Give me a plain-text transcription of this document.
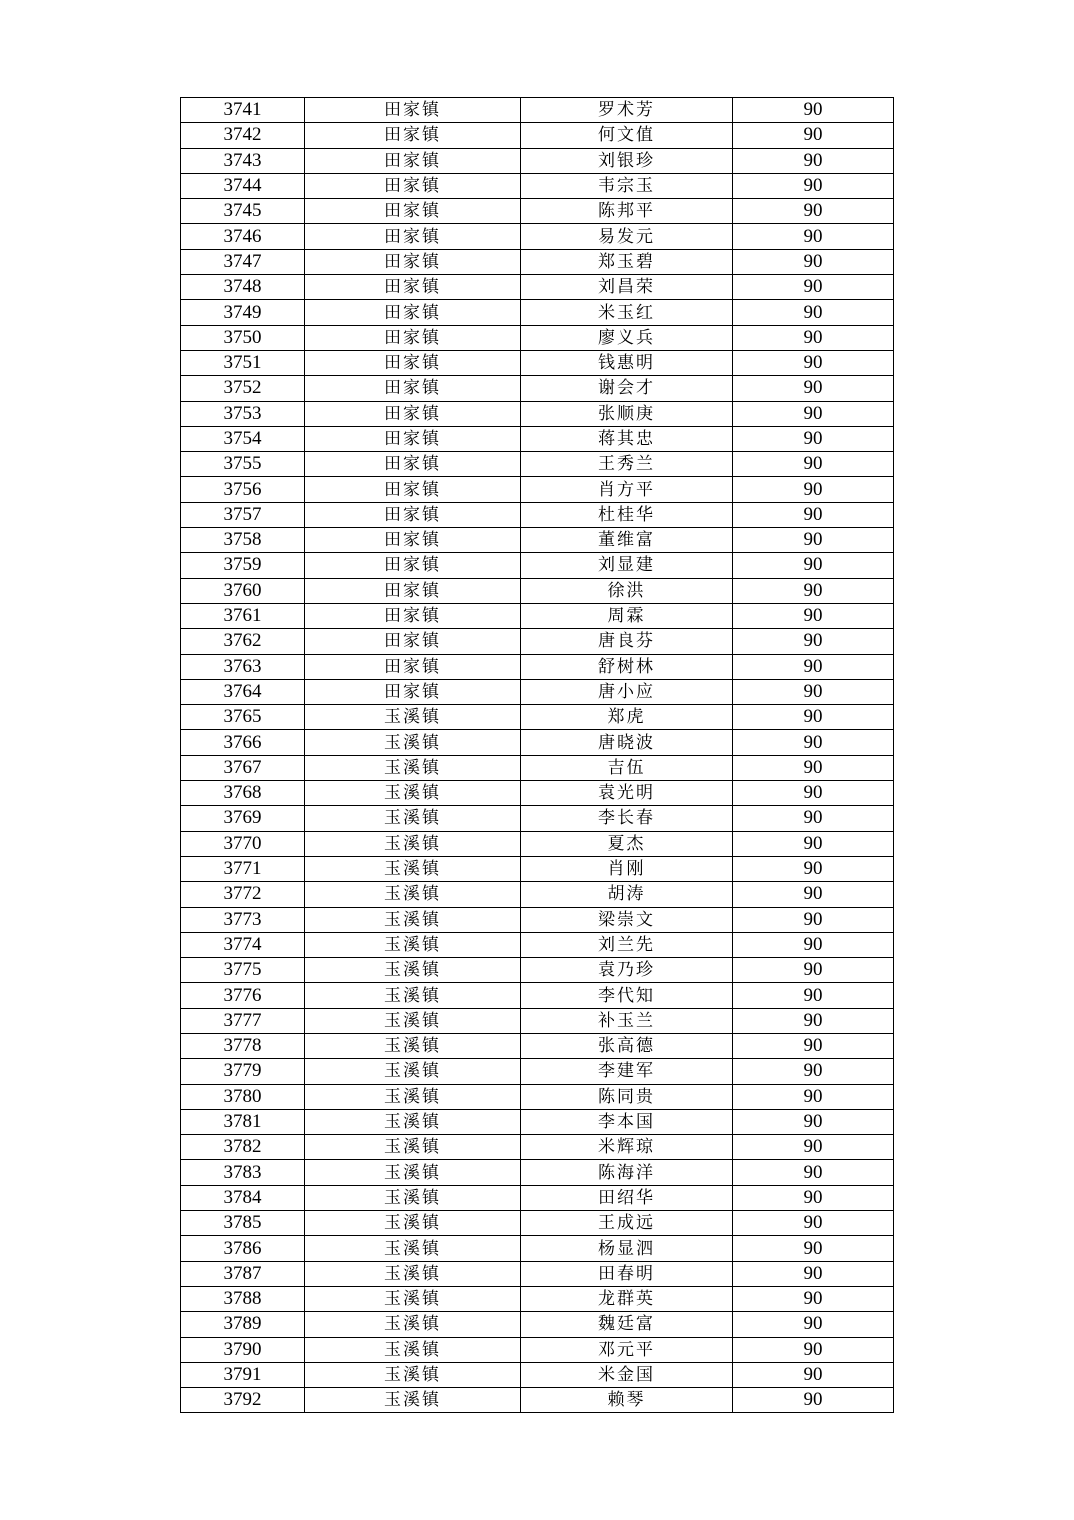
3741	田家镇	罗术芳	90
3742	田家镇	何文值	90
3743	田家镇	刘银珍	90
3744	田家镇	韦宗玉	90
3745	田家镇	陈邦平	90
3746	田家镇	易发元	90
3747	田家镇	郑玉碧	90
3748	田家镇	刘昌荣	90
3749	田家镇	米玉红	90
3750	田家镇	廖义兵	90
3751	田家镇	钱惠明	90
3752	田家镇	谢会才	90
3753	田家镇	张顺庚	90
3754	田家镇	蒋其忠	90
3755	田家镇	王秀兰	90
3756	田家镇	肖方平	90
3757	田家镇	杜桂华	90
3758	田家镇	董维富	90
3759	田家镇	刘显建	90
3760	田家镇	徐洪	90
3761	田家镇	周霖	90
3762	田家镇	唐良芬	90
3763	田家镇	舒树林	90
3764	田家镇	唐小应	90
3765	玉溪镇	郑虎	90
3766	玉溪镇	唐晓波	90
3767	玉溪镇	吉伍	90
3768	玉溪镇	袁光明	90
3769	玉溪镇	李长春	90
3770	玉溪镇	夏杰	90
3771	玉溪镇	肖刚	90
3772	玉溪镇	胡涛	90
3773	玉溪镇	梁崇文	90
3774	玉溪镇	刘兰先	90
3775	玉溪镇	袁乃珍	90
3776	玉溪镇	李代知	90
3777	玉溪镇	补玉兰	90
3778	玉溪镇	张高德	90
3779	玉溪镇	李建军	90
3780	玉溪镇	陈同贵	90
3781	玉溪镇	李本国	90
3782	玉溪镇	米辉琼	90
3783	玉溪镇	陈海洋	90
3784	玉溪镇	田绍华	90
3785	玉溪镇	王成远	90
3786	玉溪镇	杨显泗	90
3787	玉溪镇	田春明	90
3788	玉溪镇	龙群英	90
3789	玉溪镇	魏廷富	90
3790	玉溪镇	邓元平	90
3791	玉溪镇	米金国	90
3792	玉溪镇	赖琴	90
